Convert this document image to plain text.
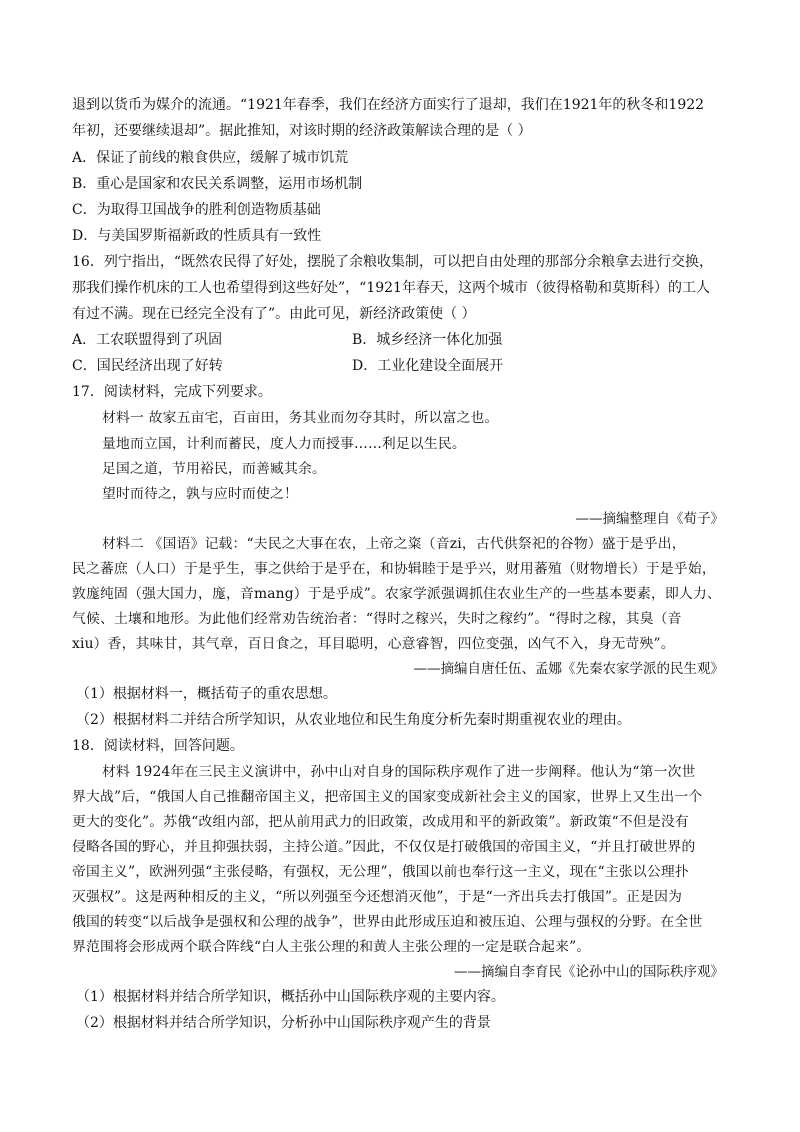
退到以货币为媒介的流通。“1921年春季，我们在经济方面实行了退却，我们在1921年的秋冬和1922
年初，还要继续退却”。据此推知，对该时期的经济政策解读合理的是（ ）
A．保证了前线的粮食供应，缓解了城市饥荒
B．重心是国家和农民关系调整，运用市场机制
C．为取得卫国战争的胜利创造物质基础
D．与美国罗斯福新政的性质具有一致性
16．列宁指出，“既然农民得了好处，摆脱了余粮收集制，可以把自由处理的那部分余粮拿去进行交换，
那我们操作机床的工人也希望得到这些好处”，“1921年春天，这两个城市（彼得格勒和莫斯科）的工人
有过不满。现在已经完全没有了”。由此可见，新经济政策使（ ）
A．工农联盟得到了巩固	B．城乡经济一体化加强
C．国民经济出现了好转	D．工业化建设全面展开
17．阅读材料，完成下列要求。
材料一 故家五亩宅，百亩田，务其业而勿夺其时，所以富之也。
量地而立国，计利而蓄民，度人力而授事……利足以生民。
足国之道，节用裕民，而善臧其余。
望时而待之，孰与应时而使之！
——摘编整理自《荀子》
材料二 《国语》记载：“夫民之大事在农，上帝之粢（音zi，古代供祭祀的谷物）盛于是乎出，
民之蕃庶（人口）于是乎生，事之供给于是乎在，和协辑睦于是乎兴，财用蕃殖（财物增长）于是乎始，
敦庬纯固（强大国力，庬，音mang）于是乎成”。农家学派强调抓住农业生产的一些基本要素，即人力、
气候、土壤和地形。为此他们经常劝告统治者：“得时之稼兴，失时之稼约”。“得时之稼，其臭（音
xiu）香，其味甘，其气章，百日食之，耳目聪明，心意睿智，四位变强，凶气不入，身无苛殃”。
——摘编自唐任伍、孟娜《先秦农家学派的民生观》
（1）根据材料一，概括荀子的重农思想。
（2）根据材料二并结合所学知识，从农业地位和民生角度分析先秦时期重视农业的理由。
18．阅读材料，回答问题。
材料 1924年在三民主义演讲中，孙中山对自身的国际秩序观作了进一步阐释。他认为“第一次世
界大战”后，“俄国人自己推翻帝国主义，把帝国主义的国家变成新社会主义的国家，世界上又生出一个
更大的变化”。苏俄“改组内部，把从前用武力的旧政策，改成用和平的新政策”。新政策“不但是没有
侵略各国的野心，并且抑强扶弱，主持公道。”因此，不仅仅是打破俄国的帝国主义，“并且打破世界的
帝国主义”，欧洲列强“主张侵略，有强权，无公理”，俄国以前也奉行这一主义，现在“主张以公理扑
灭强权”。这是两种相反的主义，“所以列强至今还想消灭他”，于是“一齐出兵去打俄国”。正是因为
俄国的转变“以后战争是强权和公理的战争”，世界由此形成压迫和被压迫、公理与强权的分野。在全世
界范围将会形成两个联合阵线“白人主张公理的和黄人主张公理的一定是联合起来”。
——摘编自李育民《论孙中山的国际秩序观》
（1）根据材料并结合所学知识，概括孙中山国际秩序观的主要内容。
（2）根据材料并结合所学知识，分析孙中山国际秩序观产生的背景
